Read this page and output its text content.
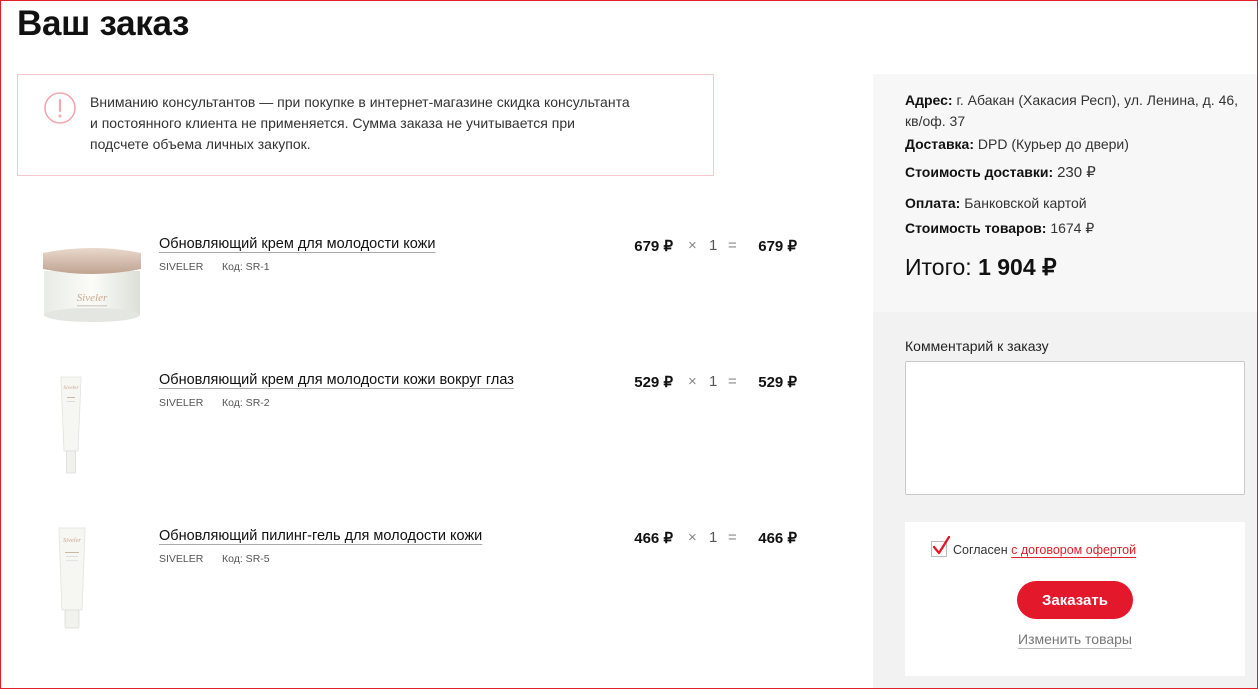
Ваш заказ
Вниманию консультантов — при покупке в интернет-магазине скидка консультанта и постоянного клиента не применяется. Сумма заказа не учитывается при подсчете объема личных закупок.
Siveler
Обновляющий крем для молодости кожи
SIVELER Код: SR-1
679 ₽ × 1 = 679 ₽
Siveler	Обновляющий крем для молодости кожи вокруг глаз
SIVELER Код: SR-2
529 ₽ × 1 = 529 ₽
Siveler	Обновляющий пилинг-гель для молодости кожи
SIVELER Код: SR-5
466 ₽ × 1 = 466 ₽
Адрес: г. Абакан (Хакасия Респ), ул. Ленина, д. 46, кв/оф. 37
Доставка: DPD (Курьер до двери)
Стоимость доставки: 230 ₽
Оплата: Банковской картой
Стоимость товаров: 1674 ₽
Итого: 1 904 ₽
Комментарий к заказу
Согласен с договором офертой
Заказать
Изменить товары
